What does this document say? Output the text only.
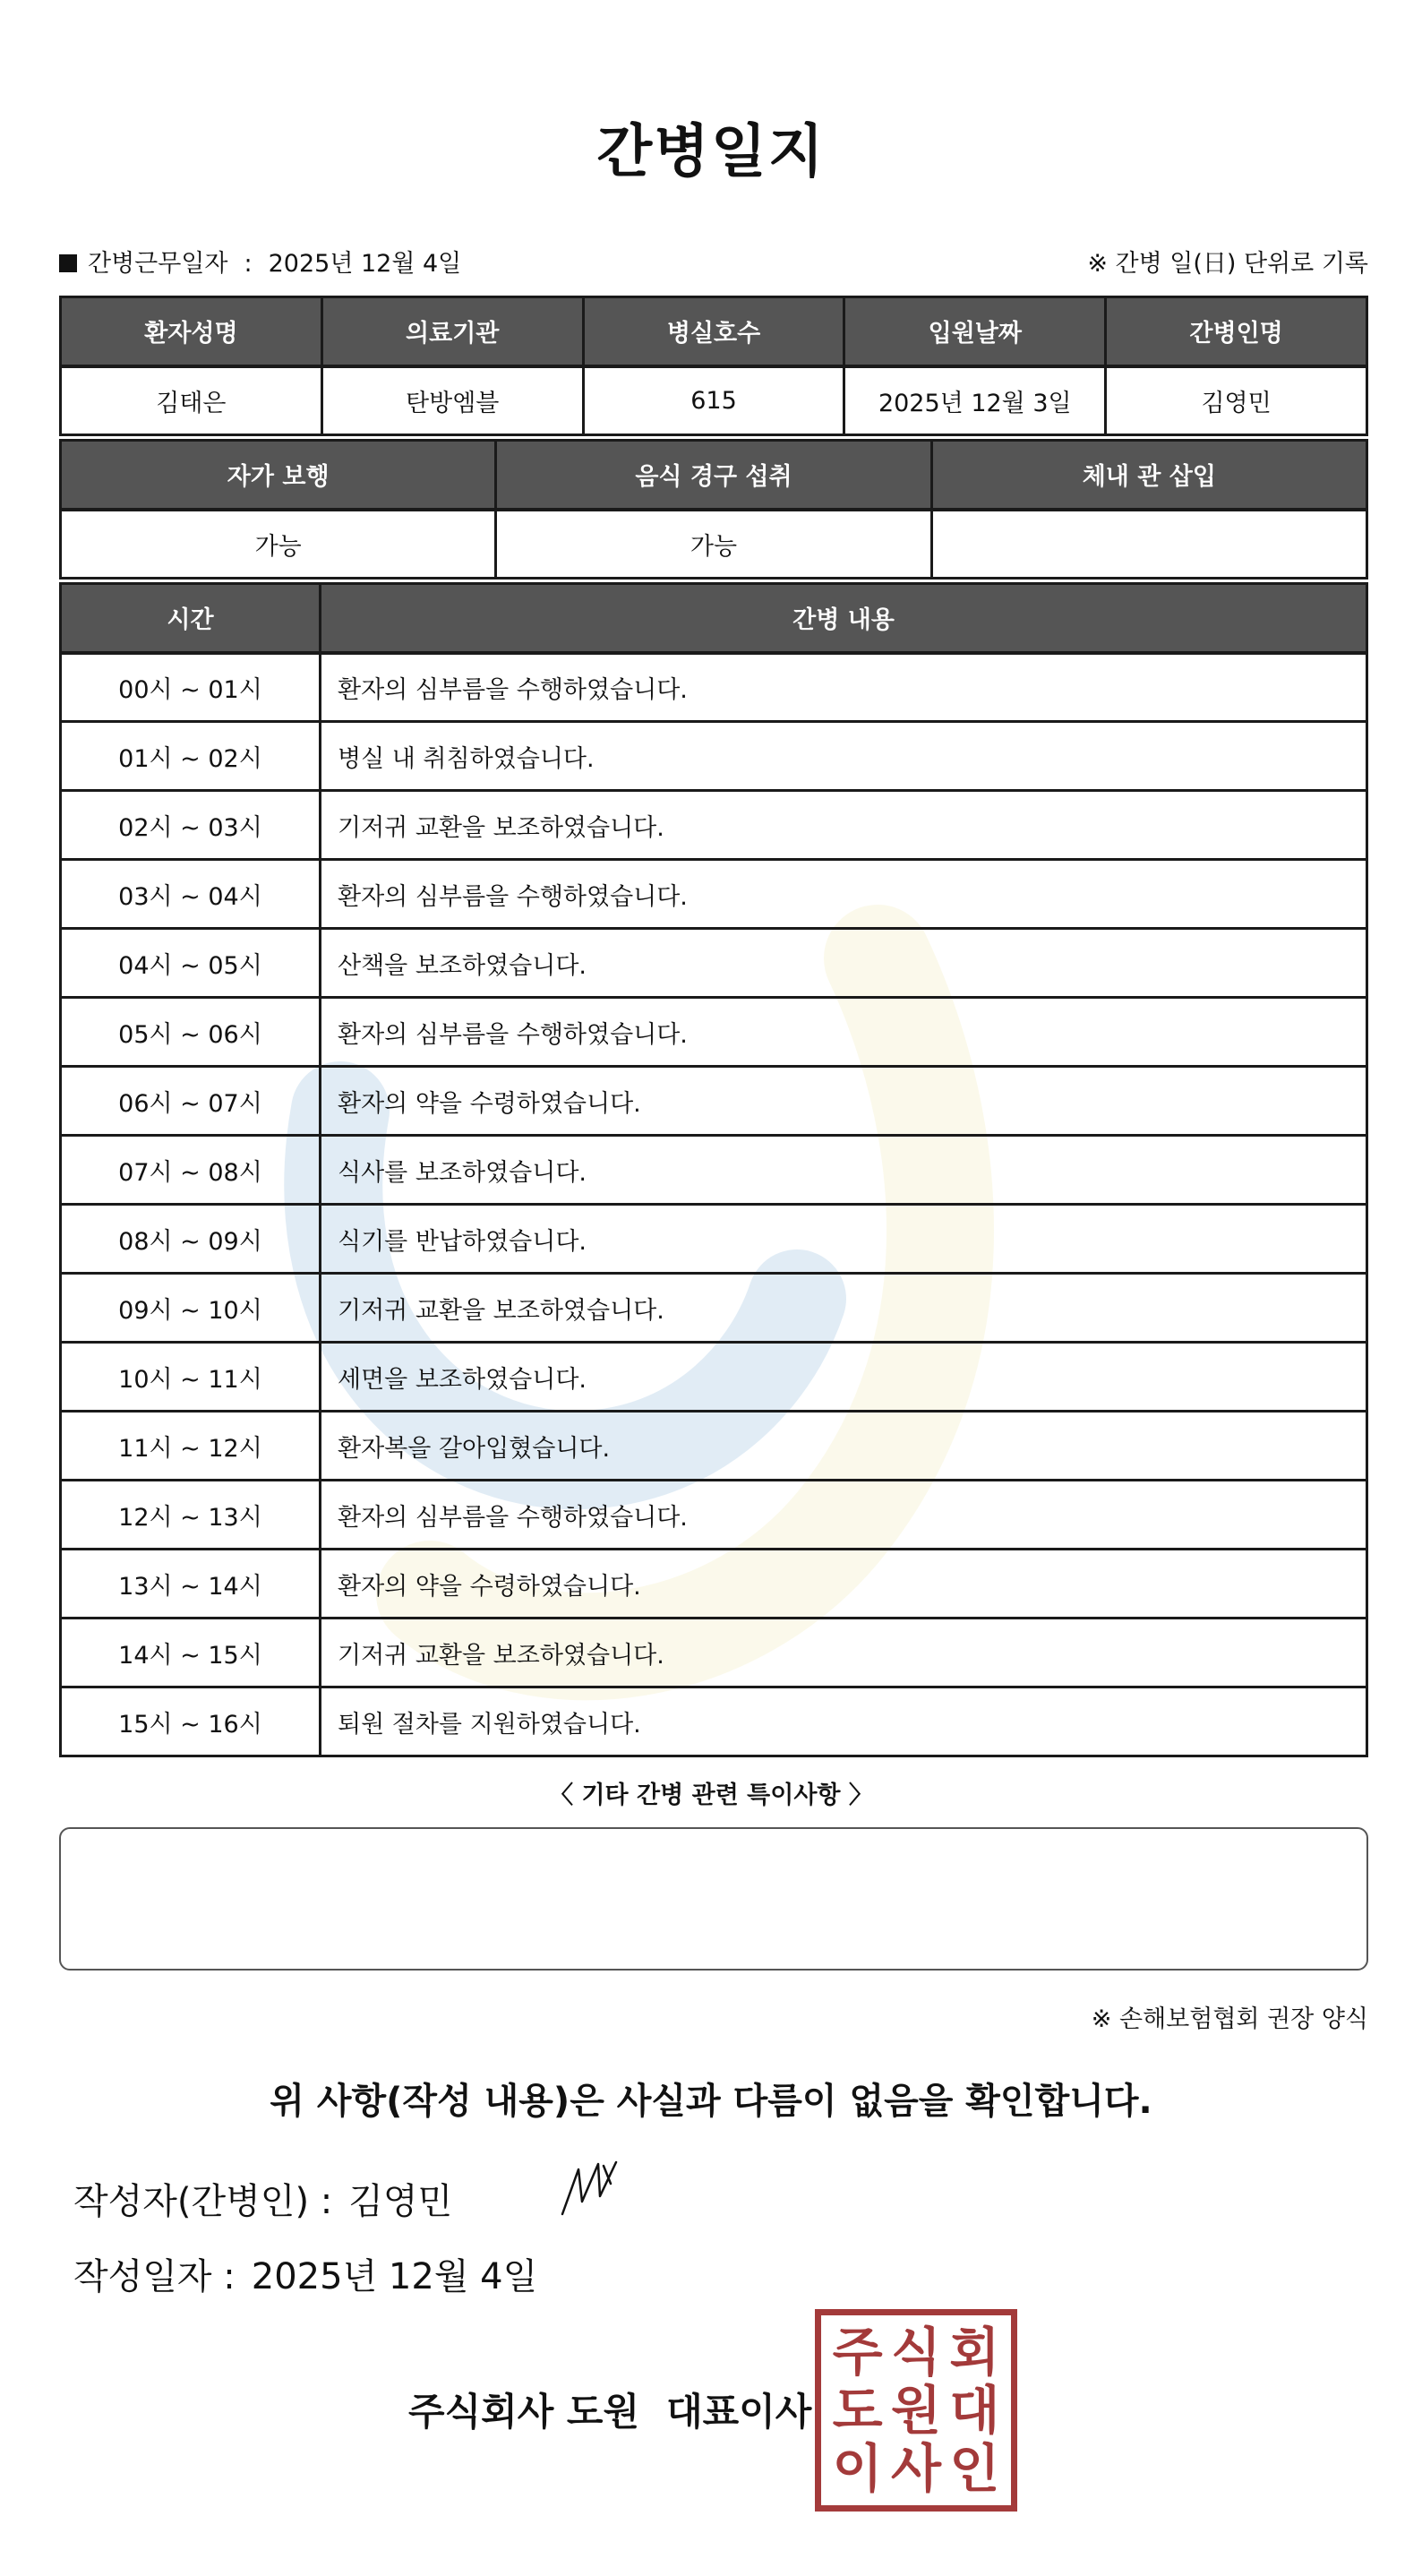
간병일지
간병근무일자 : 2025년 12월 4일	※ 간병 일(日) 단위로 기록
환자성명	의료기관	병실호수	입원날짜	간병인명
김태은	탄방엠블	615	2025년 12월 3일	김영민
자가 보행	음식 경구 섭취	체내 관 삽입
가능	가능	
시간	간병 내용
00시 ~ 01시	환자의 심부름을 수행하였습니다.
01시 ~ 02시	병실 내 취침하였습니다.
02시 ~ 03시	기저귀 교환을 보조하였습니다.
03시 ~ 04시	환자의 심부름을 수행하였습니다.
04시 ~ 05시	산책을 보조하였습니다.
05시 ~ 06시	환자의 심부름을 수행하였습니다.
06시 ~ 07시	환자의 약을 수령하였습니다.
07시 ~ 08시	식사를 보조하였습니다.
08시 ~ 09시	식기를 반납하였습니다.
09시 ~ 10시	기저귀 교환을 보조하였습니다.
10시 ~ 11시	세면을 보조하였습니다.
11시 ~ 12시	환자복을 갈아입혔습니다.
12시 ~ 13시	환자의 심부름을 수행하였습니다.
13시 ~ 14시	환자의 약을 수령하였습니다.
14시 ~ 15시	기저귀 교환을 보조하였습니다.
15시 ~ 16시	퇴원 절차를 지원하였습니다.
〈 기타 간병 관련 특이사항 〉
※ 손해보험협회 권장 양식
위 사항(작성 내용)은 사실과 다름이 없음을 확인합니다.
작성자(간병인) : 김영민
작성일자 : 2025년 12월 4일
주식회사 도원 대표이사
주 식 회
도 원 대
이 사 인
